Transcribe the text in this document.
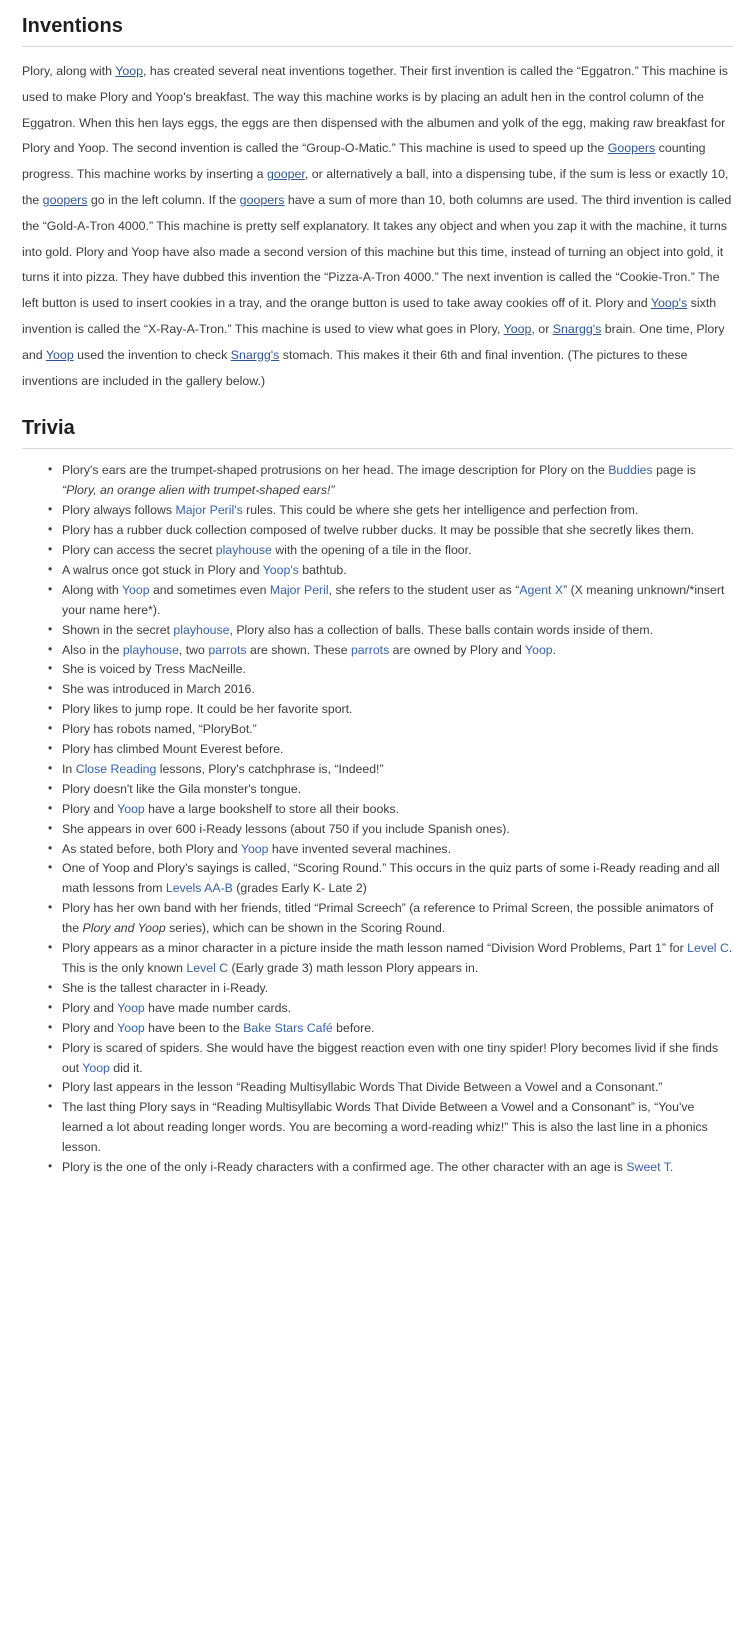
Inventions

Plory, along with Yoop, has created several neat inventions together. Their first invention is called the “Eggatron.” This machine is used to make Plory and Yoop's breakfast. The way this machine works is by placing an adult hen in the control column of the Eggatron. When this hen lays eggs, the eggs are then dispensed with the albumen and yolk of the egg, making raw breakfast for Plory and Yoop. The second invention is called the “Group-O-Matic.” This machine is used to speed up the Goopers counting progress. This machine works by inserting a gooper, or alternatively a ball, into a dispensing tube, if the sum is less or exactly 10, the goopers go in the left column. If the goopers have a sum of more than 10, both columns are used. The third invention is called the “Gold-A-Tron 4000.” This machine is pretty self explanatory. It takes any object and when you zap it with the machine, it turns into gold. Plory and Yoop have also made a second version of this machine but this time, instead of turning an object into gold, it turns it into pizza. They have dubbed this invention the “Pizza-A-Tron 4000.” The next invention is called the “Cookie-Tron.” The left button is used to insert cookies in a tray, and the orange button is used to take away cookies off of it. Plory and Yoop's sixth invention is called the “X-Ray-A-Tron.” This machine is used to view what goes in Plory, Yoop, or Snargg's brain. One time, Plory and Yoop used the invention to check Snargg's stomach. This makes it their 6th and final invention. (The pictures to these inventions are included in the gallery below.)

Trivia
• Plory's ears are the trumpet-shaped protrusions on her head. The image description for Plory on the Buddies page is “Plory, an orange alien with trumpet-shaped ears!”
• Plory always follows Major Peril's rules. This could be where she gets her intelligence and perfection from.
• Plory has a rubber duck collection composed of twelve rubber ducks. It may be possible that she secretly likes them.
• Plory can access the secret playhouse with the opening of a tile in the floor.
• A walrus once got stuck in Plory and Yoop's bathtub.
• Along with Yoop and sometimes even Major Peril, she refers to the student user as “Agent X” (X meaning unknown/*insert your name here*).
• Shown in the secret playhouse, Plory also has a collection of balls. These balls contain words inside of them.
• Also in the playhouse, two parrots are shown. These parrots are owned by Plory and Yoop.
• She is voiced by Tress MacNeille.
• She was introduced in March 2016.
• Plory likes to jump rope. It could be her favorite sport.
• Plory has robots named, “PloryBot.”
• Plory has climbed Mount Everest before.
• In Close Reading lessons, Plory's catchphrase is, “Indeed!”
• Plory doesn't like the Gila monster's tongue.
• Plory and Yoop have a large bookshelf to store all their books.
• She appears in over 600 i-Ready lessons (about 750 if you include Spanish ones).
• As stated before, both Plory and Yoop have invented several machines.
• One of Yoop and Plory's sayings is called, “Scoring Round.” This occurs in the quiz parts of some i-Ready reading and all math lessons from Levels AA-B (grades Early K- Late 2)
• Plory has her own band with her friends, titled “Primal Screech” (a reference to Primal Screen, the possible animators of the Plory and Yoop series), which can be shown in the Scoring Round.
• Plory appears as a minor character in a picture inside the math lesson named “Division Word Problems, Part 1” for Level C. This is the only known Level C (Early grade 3) math lesson Plory appears in.
• She is the tallest character in i-Ready.
• Plory and Yoop have made number cards.
• Plory and Yoop have been to the Bake Stars Café before.
• Plory is scared of spiders. She would have the biggest reaction even with one tiny spider! Plory becomes livid if she finds out Yoop did it.
• Plory last appears in the lesson “Reading Multisyllabic Words That Divide Between a Vowel and a Consonant.”
• The last thing Plory says in “Reading Multisyllabic Words That Divide Between a Vowel and a Consonant” is, “You've learned a lot about reading longer words. You are becoming a word-reading whiz!” This is also the last line in a phonics lesson.
• Plory is the one of the only i-Ready characters with a confirmed age. The other character with an age is Sweet T.
